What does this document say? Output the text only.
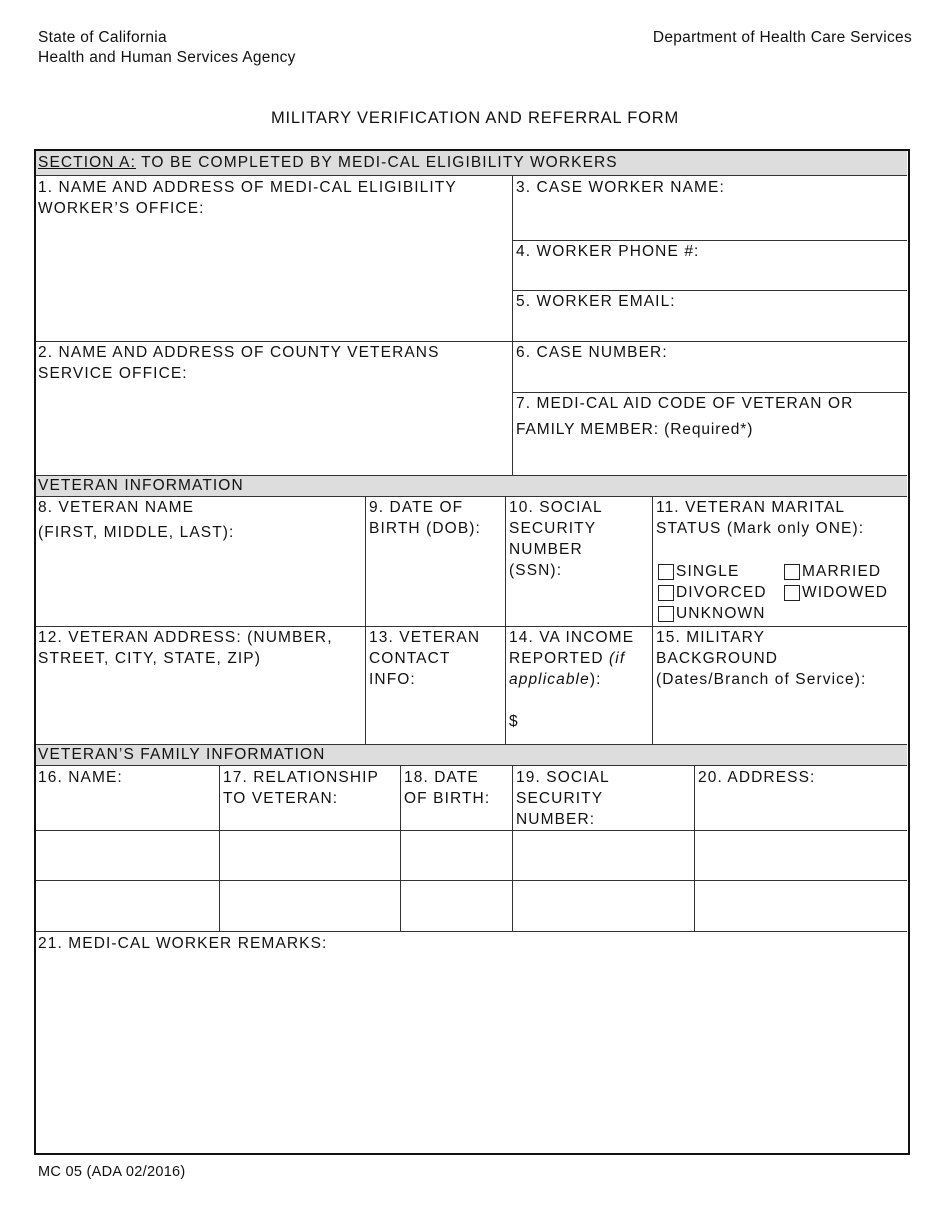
State of California
Health and Human Services Agency
Department of Health Care Services
MILITARY VERIFICATION AND REFERRAL FORM
SECTION A: TO BE COMPLETED BY MEDI-CAL ELIGIBILITY WORKERS
1. NAME AND ADDRESS OF MEDI-CAL ELIGIBILITY
WORKER’S OFFICE:
2. NAME AND ADDRESS OF COUNTY VETERANS
SERVICE OFFICE:
3. CASE WORKER NAME:
4. WORKER PHONE #:
5. WORKER EMAIL:
6. CASE NUMBER:
7. MEDI-CAL AID CODE OF VETERAN OR
FAMILY MEMBER: (Required*)
VETERAN INFORMATION
8. VETERAN NAME
(FIRST, MIDDLE, LAST):
9. DATE OF
BIRTH (DOB):
10. SOCIAL
SECURITY
NUMBER
(SSN):
11. VETERAN MARITAL
STATUS (Mark only ONE):
SINGLE	MARRIED
DIVORCED WIDOWED
UNKNOWN
12. VETERAN ADDRESS: (NUMBER,
STREET, CITY, STATE, ZIP)
13. VETERAN
CONTACT
INFO:
14. VA INCOME
REPORTED (if
applicable):
$
15. MILITARY
BACKGROUND
(Dates/Branch of Service):
VETERAN’S FAMILY INFORMATION
16. NAME:	17. RELATIONSHIP
TO VETERAN:
18. DATE
OF BIRTH:
19. SOCIAL
SECURITY
NUMBER:
20. ADDRESS:
21. MEDI-CAL WORKER REMARKS:
MC 05 (ADA 02/2016)
